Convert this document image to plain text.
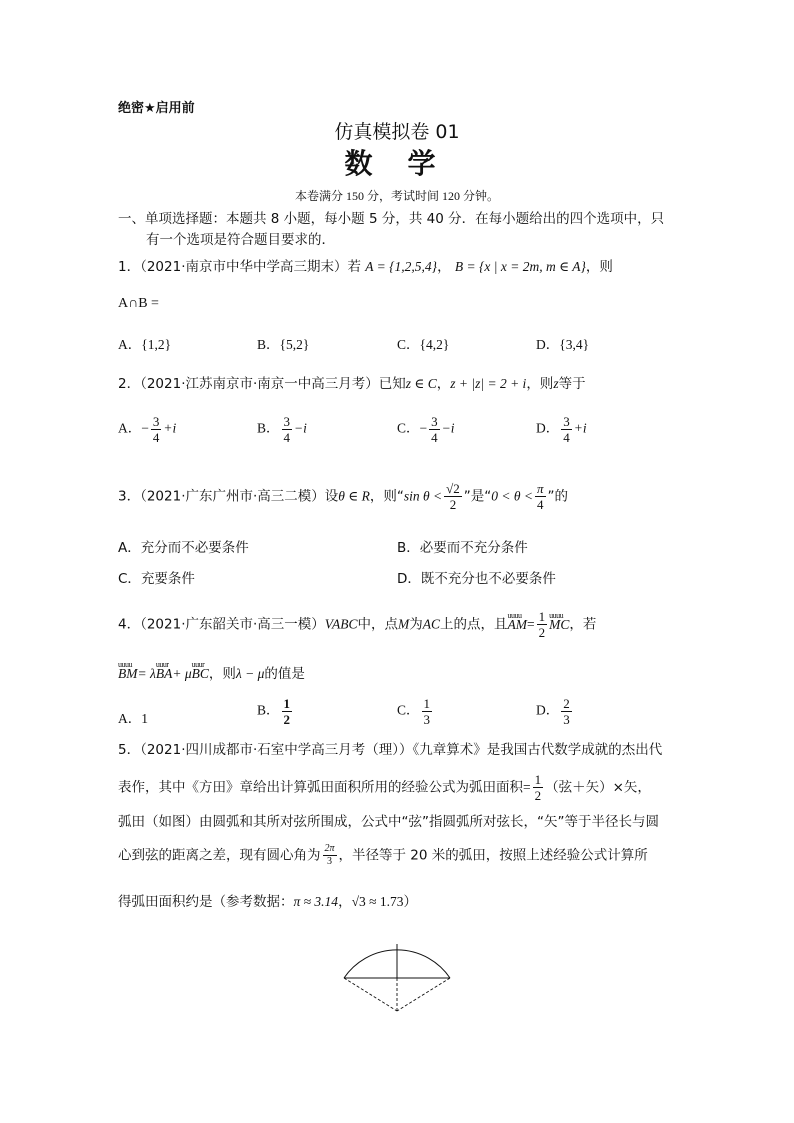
绝密★启用前
仿真模拟卷 01
数 学
本卷满分 150 分，考试时间 120 分钟。
一、单项选择题：本题共 8 小题，每小题 5 分，共 40 分．在每小题给出的四个选项中，只
有一个选项是符合题目要求的．
1．（2021·南京市中华中学高三期末）若 A = {1,2,5,4}， B = {x | x = 2m, m ∈ A}，则
A∩B =
A．{1,2}	B．{5,2}	C．{4,2}	D．{3,4}
2．（2021·江苏南京市·南京一中高三月考）已知z ∈ C，z + |z| = 2 + i，则z等于
A．− $\frac{3}{4} +i$	B． $\frac{3}{4} -i$	C．− $\frac{3}{4} -i$	D． $\frac{3}{4} +i$
3．（2021·广东广州市·高三二模）设θ ∈ R，则“sin $\theta < \frac{√2}{2}$ ”是“$0 < \theta < \frac{\pi}{4}$ ”的
A．充分而不必要条件	B．必要而不充分条件
C．充要条件	D．既不充分也不必要条件
4．（2021·广东韶关市·高三一模）VABC中，点M为AC上的点，且uuuu $AM= \frac{1}{2}$
uuuu MC，若
uuuu BM= λuuur BA+ μuuur BC，则λ − μ的值是
A．1
B． $\frac{1}{2}$	C． $\frac{1}{3}$	D． $\frac{2}{3}$
5．（2021·四川成都市·石室中学高三月考（理））《九章算术》是我国古代数学成就的杰出代
表作，其中《方田》章给出计算弧田面积所用的经验公式为弧田面积= $\frac{1}{2}$ （弦＋矢）×矢，
弧田（如图）由圆弧和其所对弦所围成，公式中“弦”指圆弧所对弦长，“矢”等于半径长与圆
心到弦的距离之差，现有圆心角为 $\frac{2\pi}{3}$ ，半径等于 20 米的弧田，按照上述经验公式计算所
得弧田面积约是（参考数据：π ≈ 3.14，√3 ≈ 1.73）
